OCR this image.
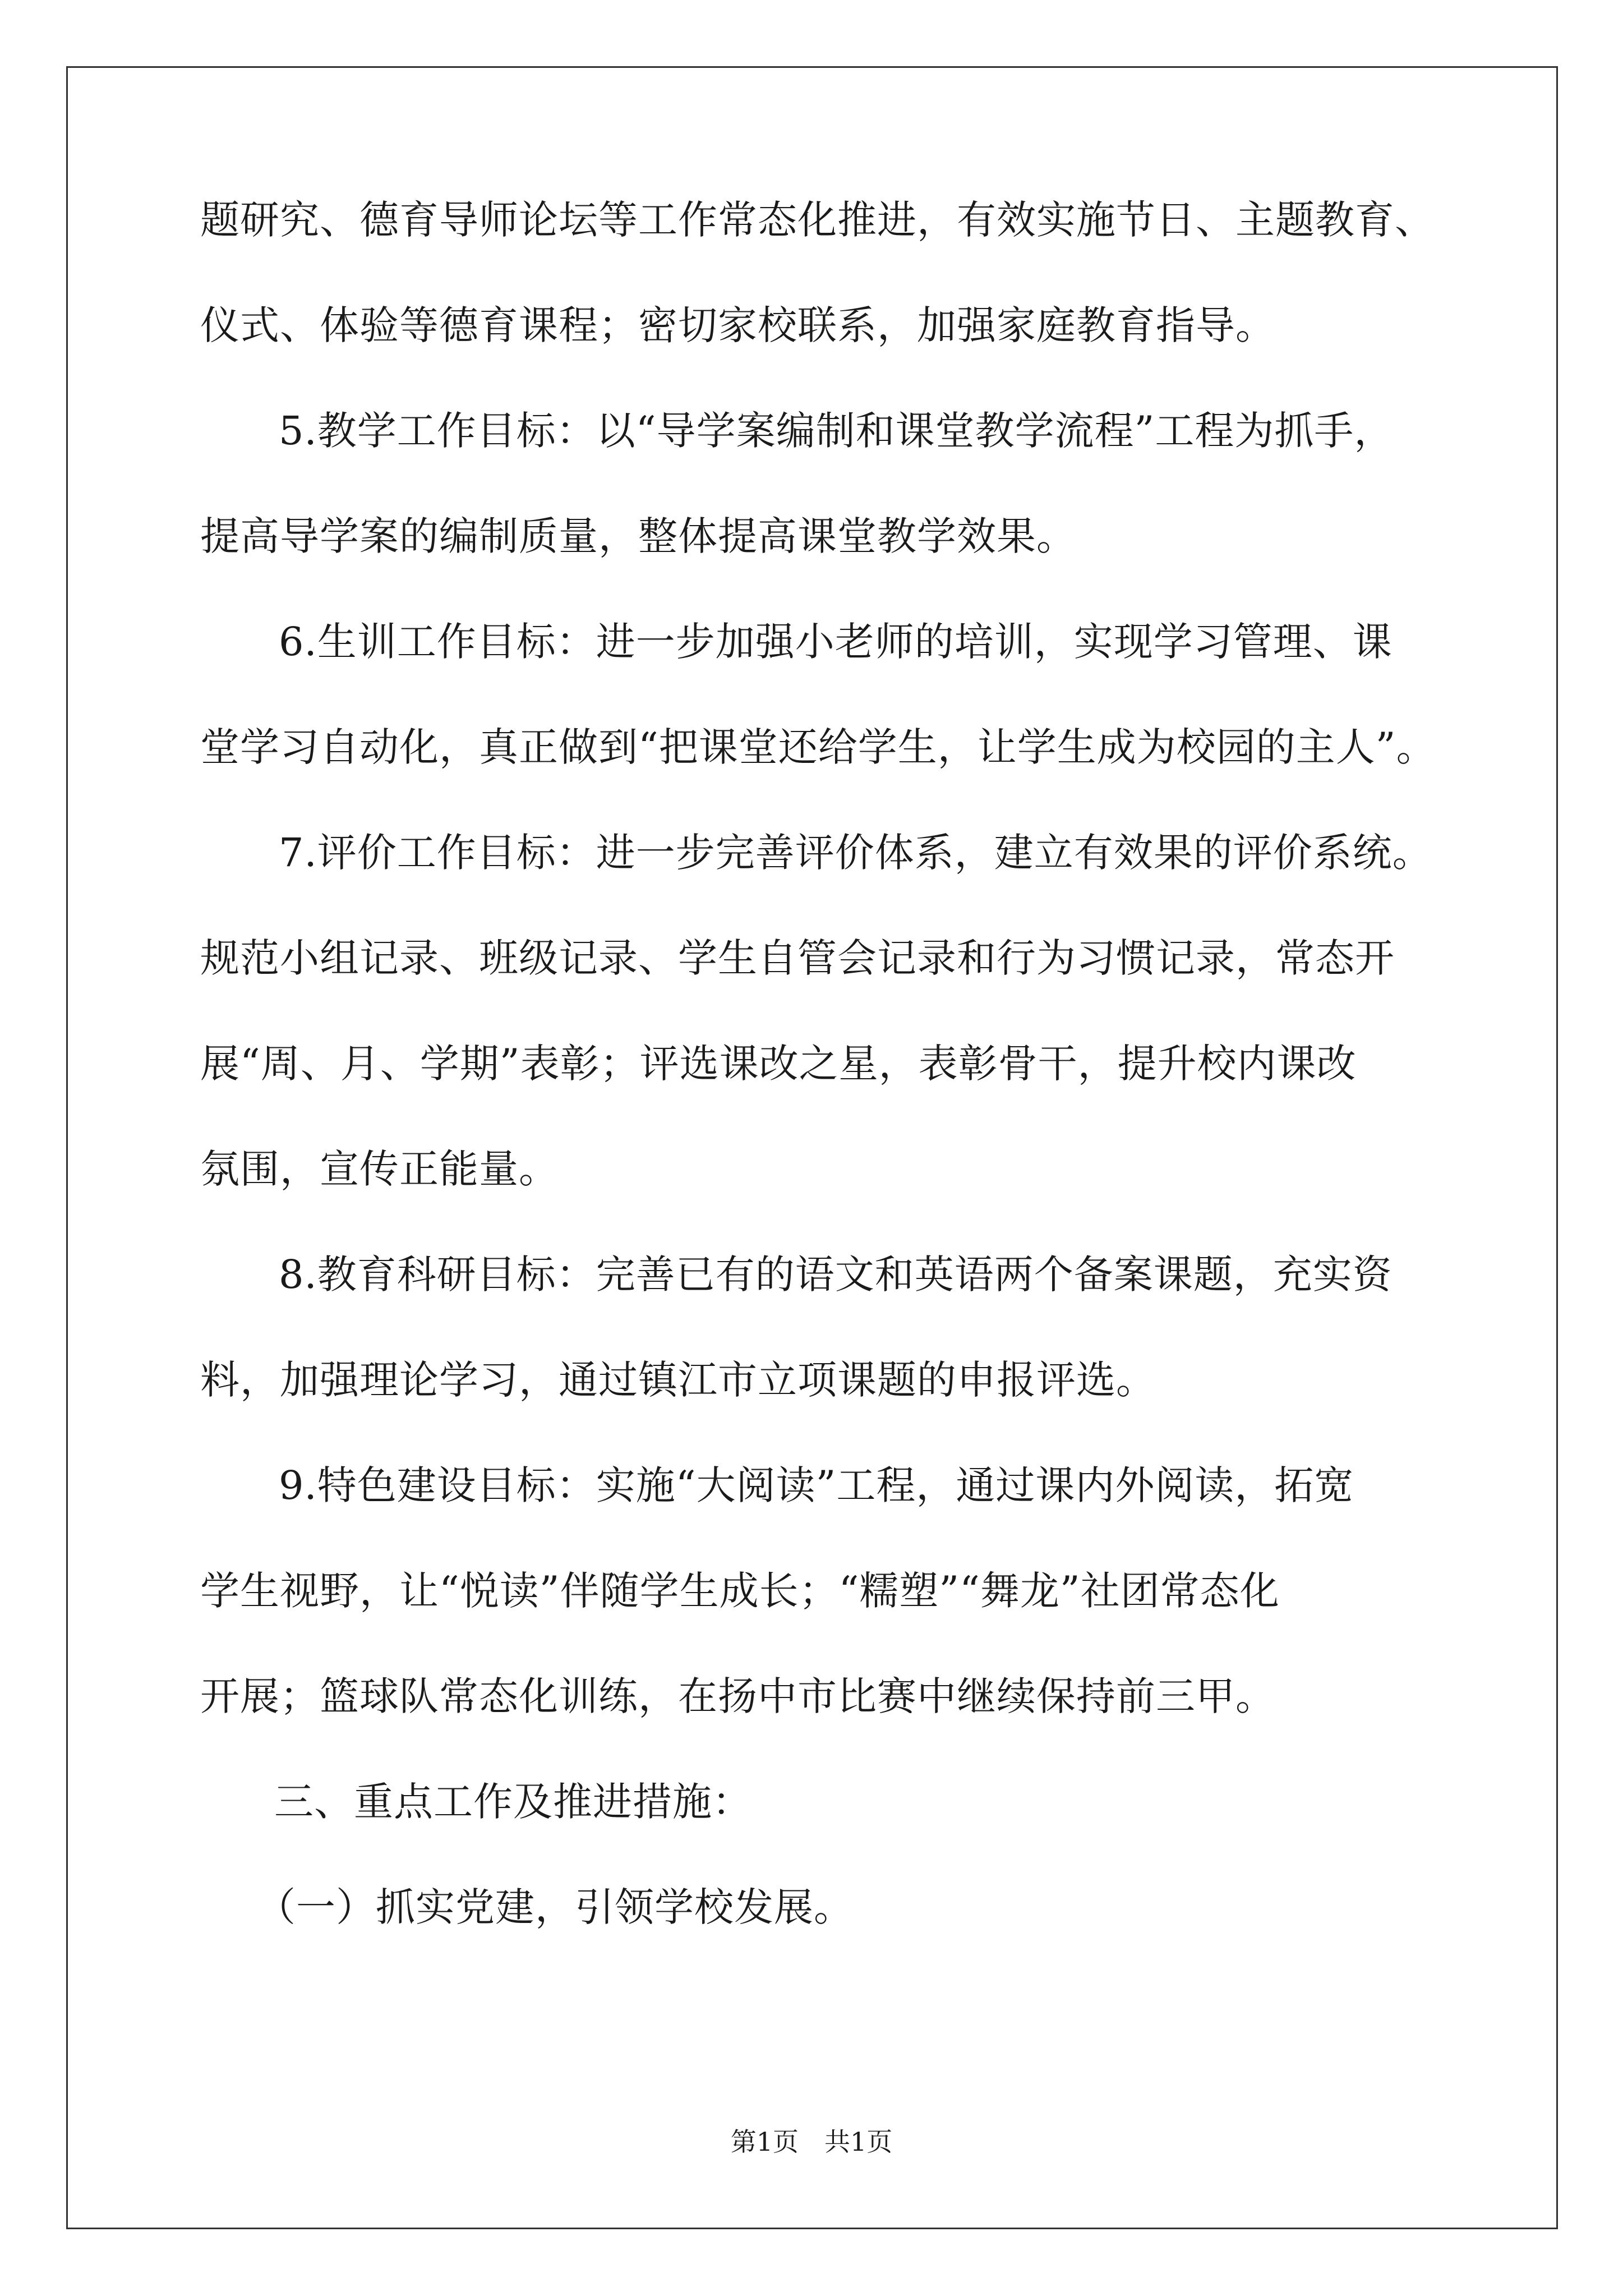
题研究、德育导师论坛等工作常态化推进，有效实施节日、主题教育、
仪式、体验等德育课程；密切家校联系，加强家庭教育指导。
5.教学工作目标：以“导学案编制和课堂教学流程”工程为抓手，
提高导学案的编制质量，整体提高课堂教学效果。
6.生训工作目标：进一步加强小老师的培训，实现学习管理、课
堂学习自动化，真正做到“把课堂还给学生，让学生成为校园的主人”。
7.评价工作目标：进一步完善评价体系，建立有效果的评价系统。
规范小组记录、班级记录、学生自管会记录和行为习惯记录，常态开
展“周、月、学期”表彰；评选课改之星，表彰骨干，提升校内课改
氛围，宣传正能量。
8.教育科研目标：完善已有的语文和英语两个备案课题，充实资
料，加强理论学习，通过镇江市立项课题的申报评选。
9.特色建设目标：实施“大阅读”工程，通过课内外阅读，拓宽
学生视野，让“悦读”伴随学生成长；“糯塑”“舞龙”社团常态化
开展；篮球队常态化训练，在扬中市比赛中继续保持前三甲。
三、重点工作及推进措施：
（一）抓实党建，引领学校发展。
第1页　共1页
